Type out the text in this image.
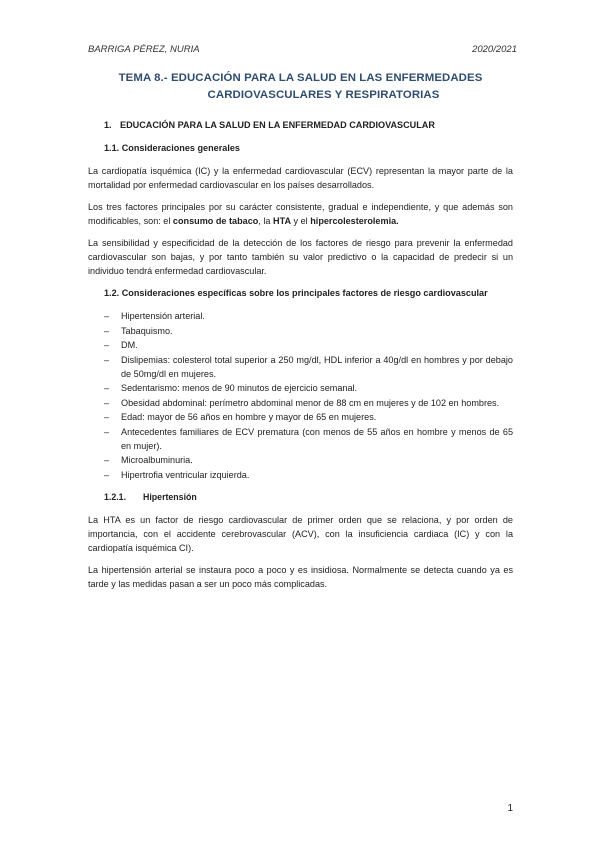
BARRIGA PÉREZ, NURIA	2020/2021
TEMA 8.- EDUCACIÓN PARA LA SALUD EN LAS ENFERMEDADES
CARDIOVASCULARES Y RESPIRATORIAS
1. EDUCACIÓN PARA LA SALUD EN LA ENFERMEDAD CARDIOVASCULAR
1.1. Consideraciones generales

La cardiopatía isquémica (IC) y la enfermedad cardiovascular (ECV) representan la mayor parte de la mortalidad por enfermedad cardiovascular en los países desarrollados.

Los tres factores principales por su carácter consistente, gradual e independiente, y que además son modificables, son: el consumo de tabaco, la HTA y el hipercolesterolemia.

La sensibilidad y especificidad de la detección de los factores de riesgo para prevenir la enfermedad cardiovascular son bajas, y por tanto también su valor predictivo o la capacidad de predecir si un individuo tendrá enfermedad cardiovascular.

1.2. Consideraciones específicas sobre los principales factores de riesgo cardiovascular
– Hipertensión arterial.
– Tabaquismo.
– DM.
– Dislipemias: colesterol total superior a 250 mg/dl, HDL inferior a 40g/dl en hombres y por debajo de 50mg/dl en mujeres.
– Sedentarismo: menos de 90 minutos de ejercicio semanal.
– Obesidad abdominal: perímetro abdominal menor de 88 cm en mujeres y de 102 en hombres.
– Edad: mayor de 56 años en hombre y mayor de 65 en mujeres.
– Antecedentes familiares de ECV prematura (con menos de 55 años en hombre y menos de 65 en mujer).
– Microalbuminuria.
– Hipertrofia ventricular izquierda.
1.2.1. Hipertensión

La HTA es un factor de riesgo cardiovascular de primer orden que se relaciona, y por orden de importancia, con el accidente cerebrovascular (ACV), con la insuficiencia cardiaca (IC) y con la cardiopatía isquémica CI).

La hipertensión arterial se instaura poco a poco y es insidiosa. Normalmente se detecta cuando ya es tarde y las medidas pasan a ser un poco más complicadas.

1
